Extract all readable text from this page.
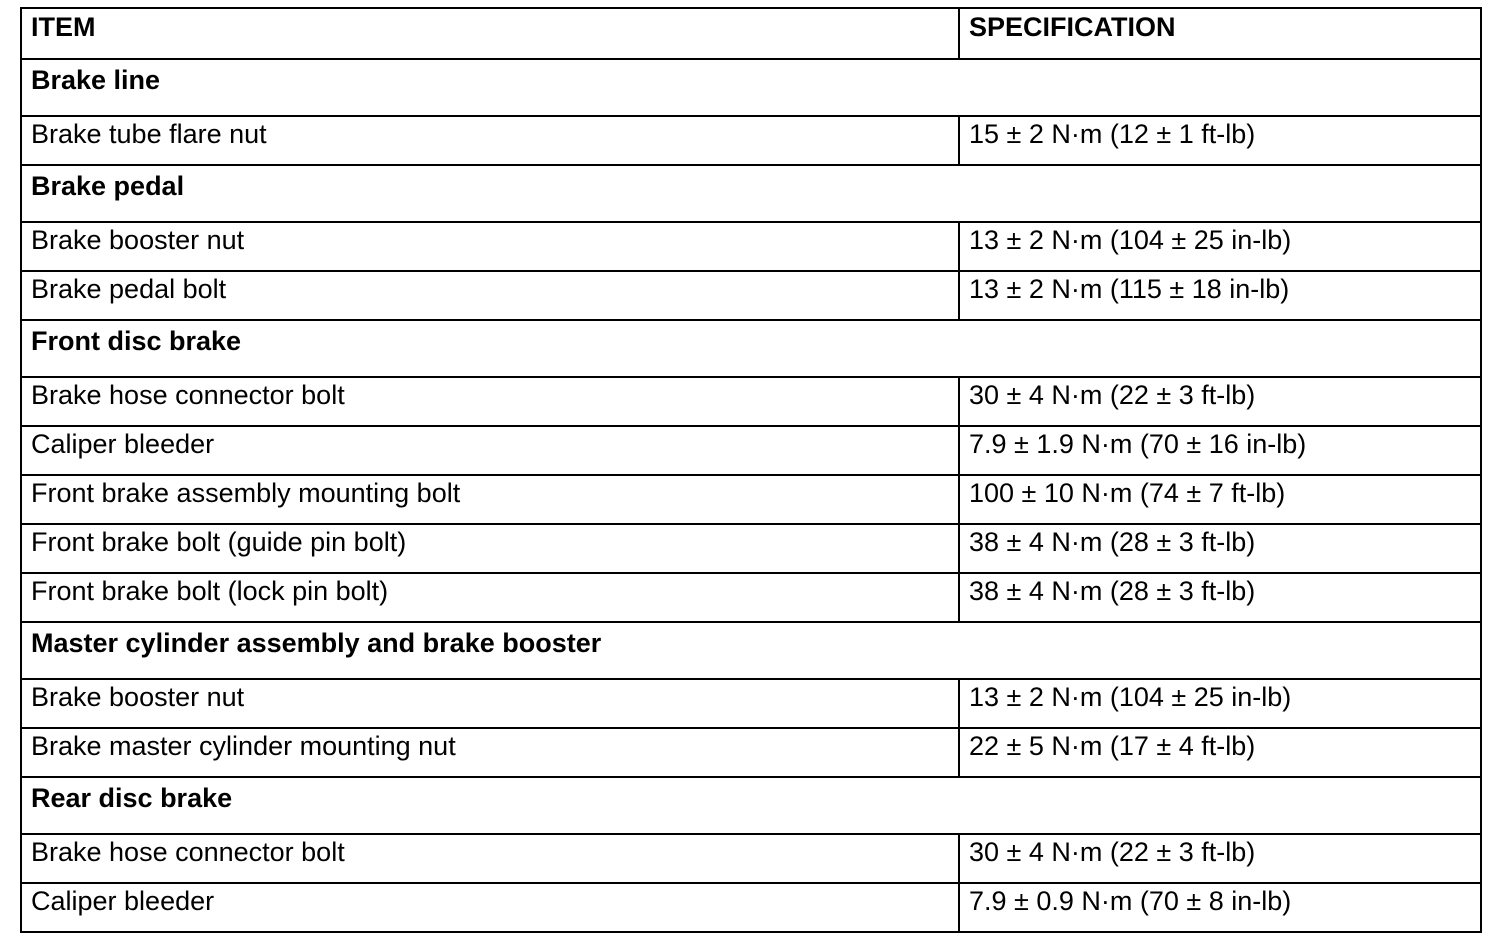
ITEM	SPECIFICATION
Brake line	
Brake tube flare nut	15 ± 2 N·m (12 ± 1 ft-lb)
Brake pedal	
Brake booster nut	13 ± 2 N·m (104 ± 25 in-lb)
Brake pedal bolt	13 ± 2 N·m (115 ± 18 in-lb)
Front disc brake	
Brake hose connector bolt	30 ± 4 N·m (22 ± 3 ft-lb)
Caliper bleeder	7.9 ± 1.9 N·m (70 ± 16 in-lb)
Front brake assembly mounting bolt	100 ± 10 N·m (74 ± 7 ft-lb)
Front brake bolt (guide pin bolt)	38 ± 4 N·m (28 ± 3 ft-lb)
Front brake bolt (lock pin bolt)	38 ± 4 N·m (28 ± 3 ft-lb)
Master cylinder assembly and brake booster	
Brake booster nut	13 ± 2 N·m (104 ± 25 in-lb)
Brake master cylinder mounting nut	22 ± 5 N·m (17 ± 4 ft-lb)
Rear disc brake	
Brake hose connector bolt	30 ± 4 N·m (22 ± 3 ft-lb)
Caliper bleeder	7.9 ± 0.9 N·m (70 ± 8 in-lb)
